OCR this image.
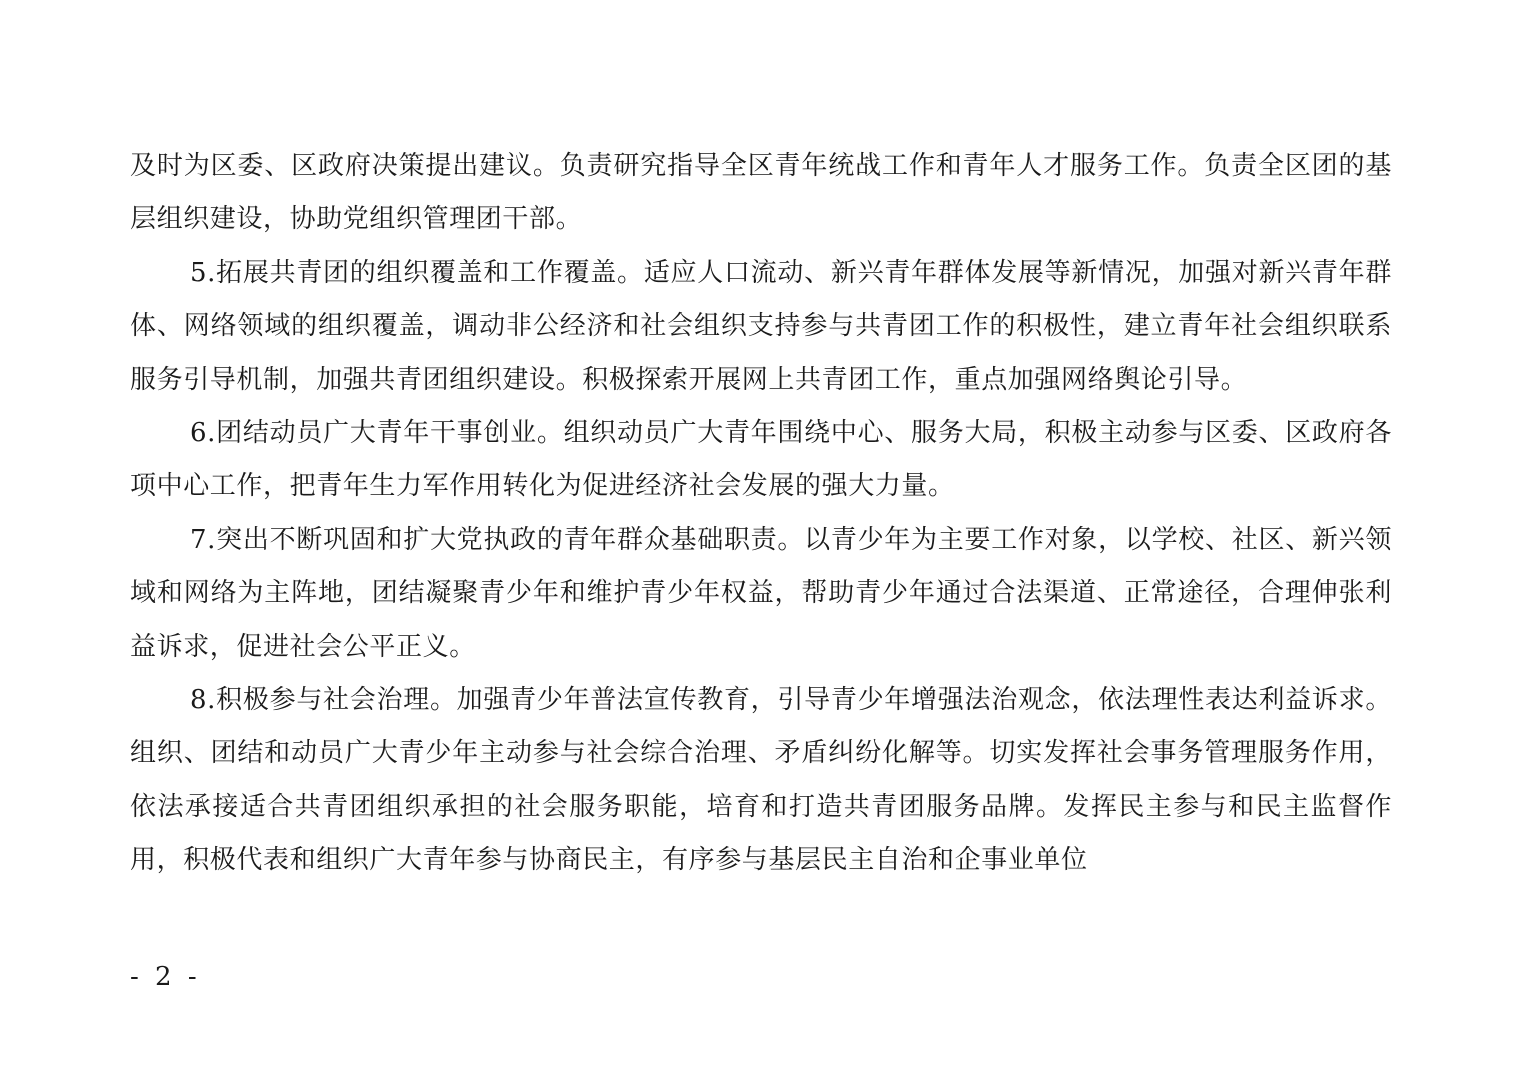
及时为区委、区政府决策提出建议。负责研究指导全区青年统战工作和青年人才服务工作。负责全区团的基层组织建设，协助党组织管理团干部。

5.拓展共青团的组织覆盖和工作覆盖。适应人口流动、新兴青年群体发展等新情况，加强对新兴青年群体、网络领域的组织覆盖，调动非公经济和社会组织支持参与共青团工作的积极性，建立青年社会组织联系服务引导机制，加强共青团组织建设。积极探索开展网上共青团工作，重点加强网络舆论引导。

6.团结动员广大青年干事创业。组织动员广大青年围绕中心、服务大局，积极主动参与区委、区政府各项中心工作，把青年生力军作用转化为促进经济社会发展的强大力量。

7.突出不断巩固和扩大党执政的青年群众基础职责。以青少年为主要工作对象，以学校、社区、新兴领域和网络为主阵地，团结凝聚青少年和维护青少年权益，帮助青少年通过合法渠道、正常途径，合理伸张利益诉求，促进社会公平正义。

8.积极参与社会治理。加强青少年普法宣传教育，引导青少年增强法治观念，依法理性表达利益诉求。组织、团结和动员广大青少年主动参与社会综合治理、矛盾纠纷化解等。切实发挥社会事务管理服务作用，依法承接适合共青团组织承担的社会服务职能，培育和打造共青团服务品牌。发挥民主参与和民主监督作用，积极代表和组织广大青年参与协商民主，有序参与基层民主自治和企事业单位

- 2 -
